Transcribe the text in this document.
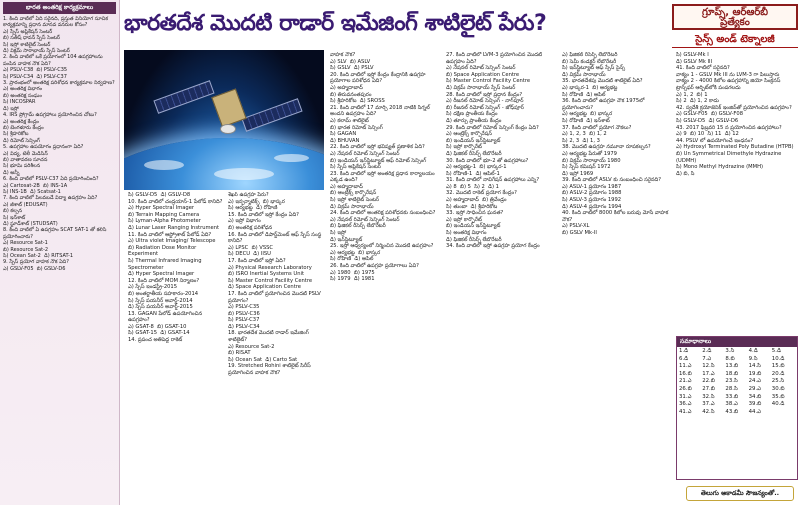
భారత అంతరిక్ష కార్యక్రమాలు
1. కింది వాటిలో ఏది సరైనది, ప్రస్తుత వినియోగ సూచిక కార్యక్రమాన్ని ప్రధాన మానవ వనరుల కోసం?
ఎ) స్పేస్ అప్లికేషన్ సెంటర్
బి) సతీష్ ధావన్ స్పేస్ సెంటర్
సి) ఇస్రో శాటిలైట్ సెంటర్
డి) విక్రమ్ సారాభాయ్ స్పేస్ సెంటర్
2. కింది వాటిలో ఒకే ప్రయోగంలో 104 ఉపగ్రహాలను పంపిన వాహక నౌక ఏది?
ఎ) PSLV-C38  బి) PSLV-C35
సి) PSLV-C34  డి) PSLV-C37
3. ప్రారంభంలో అంతరిక్ష పరిశోధన కార్యక్రమాల నిర్వహణ?
ఎ) అంతరిక్ష విభాగం
బి) అంతరిక్ష సంఘం
సి) INCOSPAR
డి) ఇస్రో
4. IRS ప్రోగ్రామ్ ఉపగ్రహాలు ప్రయోగించిన చోటు?
ఎ) అంతరిక్ష కేంద్రం
బి) బెంగళూరు కేంద్రం
సి) శ్రీహరికోట
డి) రిమోట్ సెన్సింగ్
5. ఉపగ్రహాల ఉపయోగం ప్రధానంగా ఏది?
ఎ) విద్య, టెలీ మెడిసిన్
బి) వాతావరణ సూచన
సి) భూమి పరిశీలన
డి) అన్నీ
6. కింది వాటిలో PSLV-C37 ఏది ప్రయోగించింది?
ఎ) Cartosat-2B  బి) INS-1A
సి) INS-1B  డి) Scatsat-1
7. కింది వాటిలో పిలవబడే విద్యా ఉపగ్రహం ఏది?
ఎ) జీశాట్ (EDUSAT)
బి) కల్పన
సి) ఇన్‌శాట్
డి) స్టూడ్‌శాట్ (STUDSAT)
8. కింది వాటిలో ఏ ఉపగ్రహం SCAT SAT-1 తో కలిసి ప్రయోగించారు?
ఎ) Resource Sat-1
బి) Resource Sat-2
సి) Ocean Sat-2  డి) RITSAT-1
9. స్పేస్ ప్రయోగ వాహక నౌక ఏది?
ఎ) GSLV-F05  బి) GSLV-D6
భారతదేశ మొదటి రాడార్ ఇమేజింగ్ శాటిలైట్ పేరు?	గ్రూప్స్, ఆర్‌ఆర్‌బీ
ప్రత్యేకం
సైన్స్ అండ్ టెక్నాలజీ
సి) GSLV-D5  డి) GSLV-D8
10. కింది వాటిలో చంద్రయాన్-1 పేలోడ్ కానిది?
ఎ) Hyper Spectral Imager
బి) Terrain Mapping Camera
సి) Lyman-Alpha Photometer
డి) Lunar Laser Ranging Instrument
11. కింది వాటిలో ఆస్ట్రోశాట్ పేలోడ్ ఏది?
ఎ) Ultra violet Imaging/ Telescope
బి) Radiation Dose Monitor Experiment
సి) Thermal Infrared Imaging Spectrometer
డి) Hyper Spectral Imager
12. కింది వాటిలో MOM నిర్మాణం?
ఎ) స్పేస్ ఇండస్ట్రీ-2015
బి) అంతర్జాతీయ సహకారం-2014
సి) స్పేస్ పయనీర్ అవార్డ్-2014
డి) స్పేస్ పయనీర్ అవార్డ్-2015
13. GAGAN పేలోడ్ ఉపయోగించిన ఉపగ్రహం?
ఎ) GSAT-8  బి) GSAT-10
సి) GSAT-15  డి) GSAT-14
14. ప్రపంచ అతిపెద్ద రాకెట్
శేఖర్ ఉపగ్రహ పేరు?
ఎ) ఇన్ఫర్మాటిక్స్  బి) భాస్కర
సి) ఆర్యభట్ట  డి) రోహిణి
15. కింది వాటిలో ఇస్రో కేంద్రం ఏది?
ఎ) ఇస్రో విభాగం
బి) అంతరిక్ష పరిశోధన
16. కింది వాటిలో డిపార్ట్‌మెంట్ ఆఫ్ స్పేస్ సంస్థ కానిది?
ఎ) LPSC  బి) VSSC
సి) DECU  డి) IISU
17. కింది వాటిలో ఇస్రో ఏది?
ఎ) Physical Research Laboratory
బి) ISRO Inertial Systems Unit
సి) Master Control Facility Centre
డి) Space Application Centre
17. కింది వాటిలో ప్రయోగించిన మొదటి PSLV ప్రయోగం?
ఎ) PSLV-C35
బి) PSLV-C36
సి) PSLV-C37
డి) PSLV-C34
18. భారతదేశ మొదటి రాడార్ ఇమేజింగ్ శాటిలైట్?
ఎ) Resource Sat-2
బి) RISAT
సి) Ocean Sat  డి) Carto Sat
19. Stretched Rohini శాటిలైట్ సిరీస్ ప్రయోగించిన వాహక నౌక?
వాహక నౌక?
ఎ) SLV  బి) ASLV
సి) GSLV  డి) PSLV
20. కింది వాటిలో ఇస్రో కేంద్రం కేంద్రానికి ఉపగ్రహ ప్రయోగాల పరిశోధన ఏది?
ఎ) అహ్మదాబాద్
బి) తిరువనంతపురం
సి) శ్రీహరికోట  డి) SROSS
21. కింది వాటిలో 17 మార్చి 2018 నాటికి సిగ్నల్ అందని ఉపగ్రహం ఏది?
ఎ) కలామ్ శాటిలైట్
బి) భారత రిమోట్ సెన్సింగ్
సి) GAGAN
డి) BHUVAN
22. కింది వాటిలో ఇస్రో భవిష్యత్ ప్రణాళిక ఏది?
ఎ) నేషనల్ రిమోట్ సెన్సింగ్ సెంటర్
బి) ఇండియన్ ఇన్‌స్టిట్యూట్ ఆఫ్ రిమోట్ సెన్సింగ్
సి) స్పేస్ అప్లికేషన్ సెంటర్
23. కింది వాటిలో ఇస్రో అంతరిక్ష ప్రధాన కార్యాలయం ఎక్కడ ఉంది?
ఎ) అహ్మదాబాద్
బి) ఆంట్రిక్స్ కార్పొరేషన్
సి) ఇస్రో శాటిలైట్ సెంటర్
డి) విక్రమ్ సారాభాయ్
24. కింది వాటిలో అంతరిక్ష పరిశోధనకు సంబంధించి?
ఎ) నేషనల్ రిమోట్ సెన్సింగ్ సెంటర్
బి) ఫిజికల్ రీసెర్చ్ లేబొరేటరీ
సి) ఇస్రో
డి) ఇన్‌స్టిట్యూట్
25. ఇస్రో ఆధ్వర్యంలో నిర్మించిన మొదటి ఉపగ్రహం?
ఎ) ఆర్యభట్ట  బి) భాస్కర
సి) రోహిణి  డి) ఆపిల్
26. కింది వాటిలో ఉపగ్రహ ప్రయోగాలు ఏవి?
ఎ) 1980  బి) 1975
సి) 1979  డి) 1981
27. కింది వాటిలో LVM-3 ప్రయోగించిన మొదటి ఉపగ్రహం ఏది?
ఎ) నేషనల్ రిమోట్ సెన్సింగ్ సెంటర్
బి) Space Application Centre
సి) Master Control Facility Centre
డి) విక్రమ్ సారాభాయ్ స్పేస్ సెంటర్
28. కింది వాటిలో ఇస్రో ప్రధాన కేంద్రం?
ఎ) రీజనల్ రిమోట్ సెన్సింగ్ - నాగ్‌పూర్
బి) రీజనల్ రిమోట్ సెన్సింగ్ - జోధ్‌పూర్
సి) దక్షిణ ప్రాంతీయ కేంద్రం
డి) తూర్పు ప్రాంతీయ కేంద్రం
29. కింది వాటిలో రిమోట్ సెన్సింగ్ కేంద్రం ఏది?
ఎ) ఆంట్రిక్స్ కార్పొరేషన్
బి) ఇండియన్ ఇన్‌స్టిట్యూట్
సి) ఇస్రో కార్పొరేట్
డి) ఫిజికల్ రీసెర్చ్ లేబొరేటరీ
30. కింది వాటిలో భూ-2 తో ఉపగ్రహాలు?
ఎ) ఆర్యభట్ట-1  బి) భాస్కర-1
సి) రోహిణి-1  డి) ఆపిల్-1
31. కింది వాటిలో నావిగేషన్ ఉపగ్రహాలు ఎన్ని?
ఎ) 8  బి) 5  సి) 2  డి) 1
32. మొదటి రాకెట్ ప్రయోగ కేంద్రం?
ఎ) అహ్మదాబాద్  బి) త్రివేండ్రం
సి) తుంబా  డి) శ్రీహరికోట
33. ఇస్రో సాధించిన ఘనత?
ఎ) ఇస్రో కార్పొరేట్
బి) ఇండియన్ ఇన్‌స్టిట్యూట్
సి) అంతరిక్ష విభాగం
డి) ఫిజికల్ రీసెర్చ్ లేబొరేటరీ
34. కింది వాటిలో ఇస్రో ఉపగ్రహ ప్రయోగ కేంద్రం
ఎ) ఫిజికల్ రీసెర్చ్ లేబొరేటరీ
బి) సెమీ కండక్టర్ లేబొరేటరీ
సి) ఇన్‌స్టిట్యూట్ ఆఫ్ స్పేస్ సైన్స్
డి) విక్రమ్ సారాభాయ్
35. భారతదేశపు మొదటి శాటిలైట్ ఏది?
ఎ) భాస్కర-1  బి) ఆర్యభట్ట
సి) రోహిణి  డి) ఆపిల్
36. కింది వాటిలో ఉపగ్రహ నౌక 1975లో ప్రయోగించారు?
ఎ) ఆర్యభట్ట  బి) భాస్కర
సి) రోహిణి  డి) ఇన్‌శాట్
37. కింది వాటిలో ప్రయోగ నౌకలు?
ఎ) 1, 2, 3  బి) 1, 2
సి) 2, 3  డి) 1, 3
38. మొదటి ఉపగ్రహ నమూనా రూపకల్పన?
ఎ) ఆర్యభట్ట పేరుతో 1979
బి) విక్రమ్ సారాభాయ్ 1980
సి) స్పేస్ కమిషన్ 1972
డి) ఇస్రో 1969
39. కింది వాటిలో ASLV కు సంబంధించి సరైనది?
ఎ) ASLV-1 ప్రయోగం 1987
బి) ASLV-2 ప్రయోగం 1988
సి) ASLV-3 ప్రయోగం 1992
డి) ASLV-4 ప్రయోగం 1994
40. కింది వాటిలో 8000 కిలోల బరువు మోసే వాహక నౌక?
ఎ) PSLV-XL
బి) GSLV Mk-II
సి) GSLV-Mk I
డి) GSLV Mk III
41. కింది వాటిలో సరైనది?
వాక్యం 1 - GSLV Mk III ను LVM-3 గా పిలుస్తారు
వాక్యం 2 - 4000 కిలోల ఉపగ్రహాన్ని జియో సింక్రనస్ ట్రాన్స్‌ఫర్ ఆర్బిట్‌లోకి పంపగలదు
ఎ) 1, 2  బి) 1
సి) 2  డి) 1, 2 కాదు
42. స్వదేశీ క్రయోజెనిక్ ఇంజిన్‌తో ప్రయోగించిన ఉపగ్రహం?
ఎ) GSLV-F05  బి) GSLV-F08
సి) GSLV-D5  డి) GSLV-D6
43. 2017 ఫిబ్రవరి 15 న ప్రయోగించిన ఉపగ్రహాలు?
ఎ) 9  బి) 10  సి) 11  డి) 12
44. PSLV లో ఉపయోగించే ఇంధనం?
ఎ) Hydroxyl Terminated Poly Butadine (HTPB)
బి) Un Symmetrical Dimethyle Hydrazine (UDMH)
సి) Mono Methyl Hydrazine (MMH)
డి) బి, సి
సమాధానాలు
1.డి	2.డి	3.సి	4.డి	5.డి
6.డి	7.ఎ	8.బి	9.సి	10.డి
11.ఎ	12.సి	13.బి	14.సి	15.బి
16.బి	17.ఎ	18.బి	19.బి	20.డి
21.ఎ	22.బి	23.సి	24.ఎ	25.సి
26.బి	27.బి	28.సి	29.ఎ	30.బి
31.ఎ	32.సి	33.బి	34.బి	35.బి
36.ఎ	37.ఎ	38.ఎ	39.బి	40.డి
41.ఎ	42.సి	43.బి	44.ఎ
తెలుగు అకాడమీ సౌజన్యంతో..
